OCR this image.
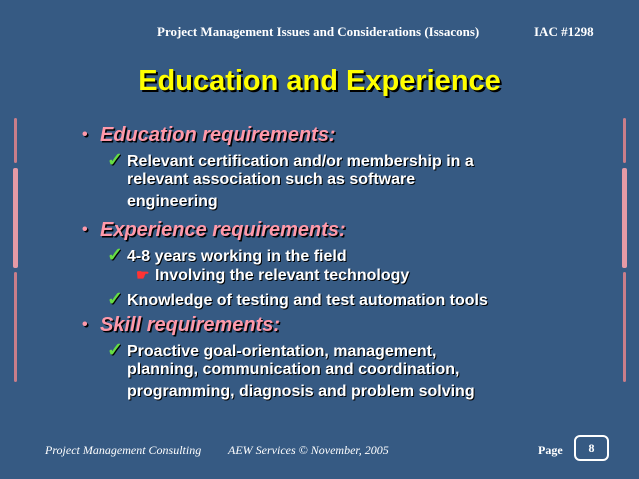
Project Management Issues and Considerations (Issacons)	IAC #1298
Education and Experience
• Education requirements:
✓ Relevant certification and/or membership in a
relevant association such as software
engineering
• Experience requirements:
✓ 4-8 years working in the field
☛ Involving the relevant technology
✓ Knowledge of testing and test automation tools
• Skill requirements:
✓ Proactive goal-orientation, management,
planning, communication and coordination,
programming, diagnosis and problem solving
Project Management Consulting AEW Services © November, 2005	Page	8
